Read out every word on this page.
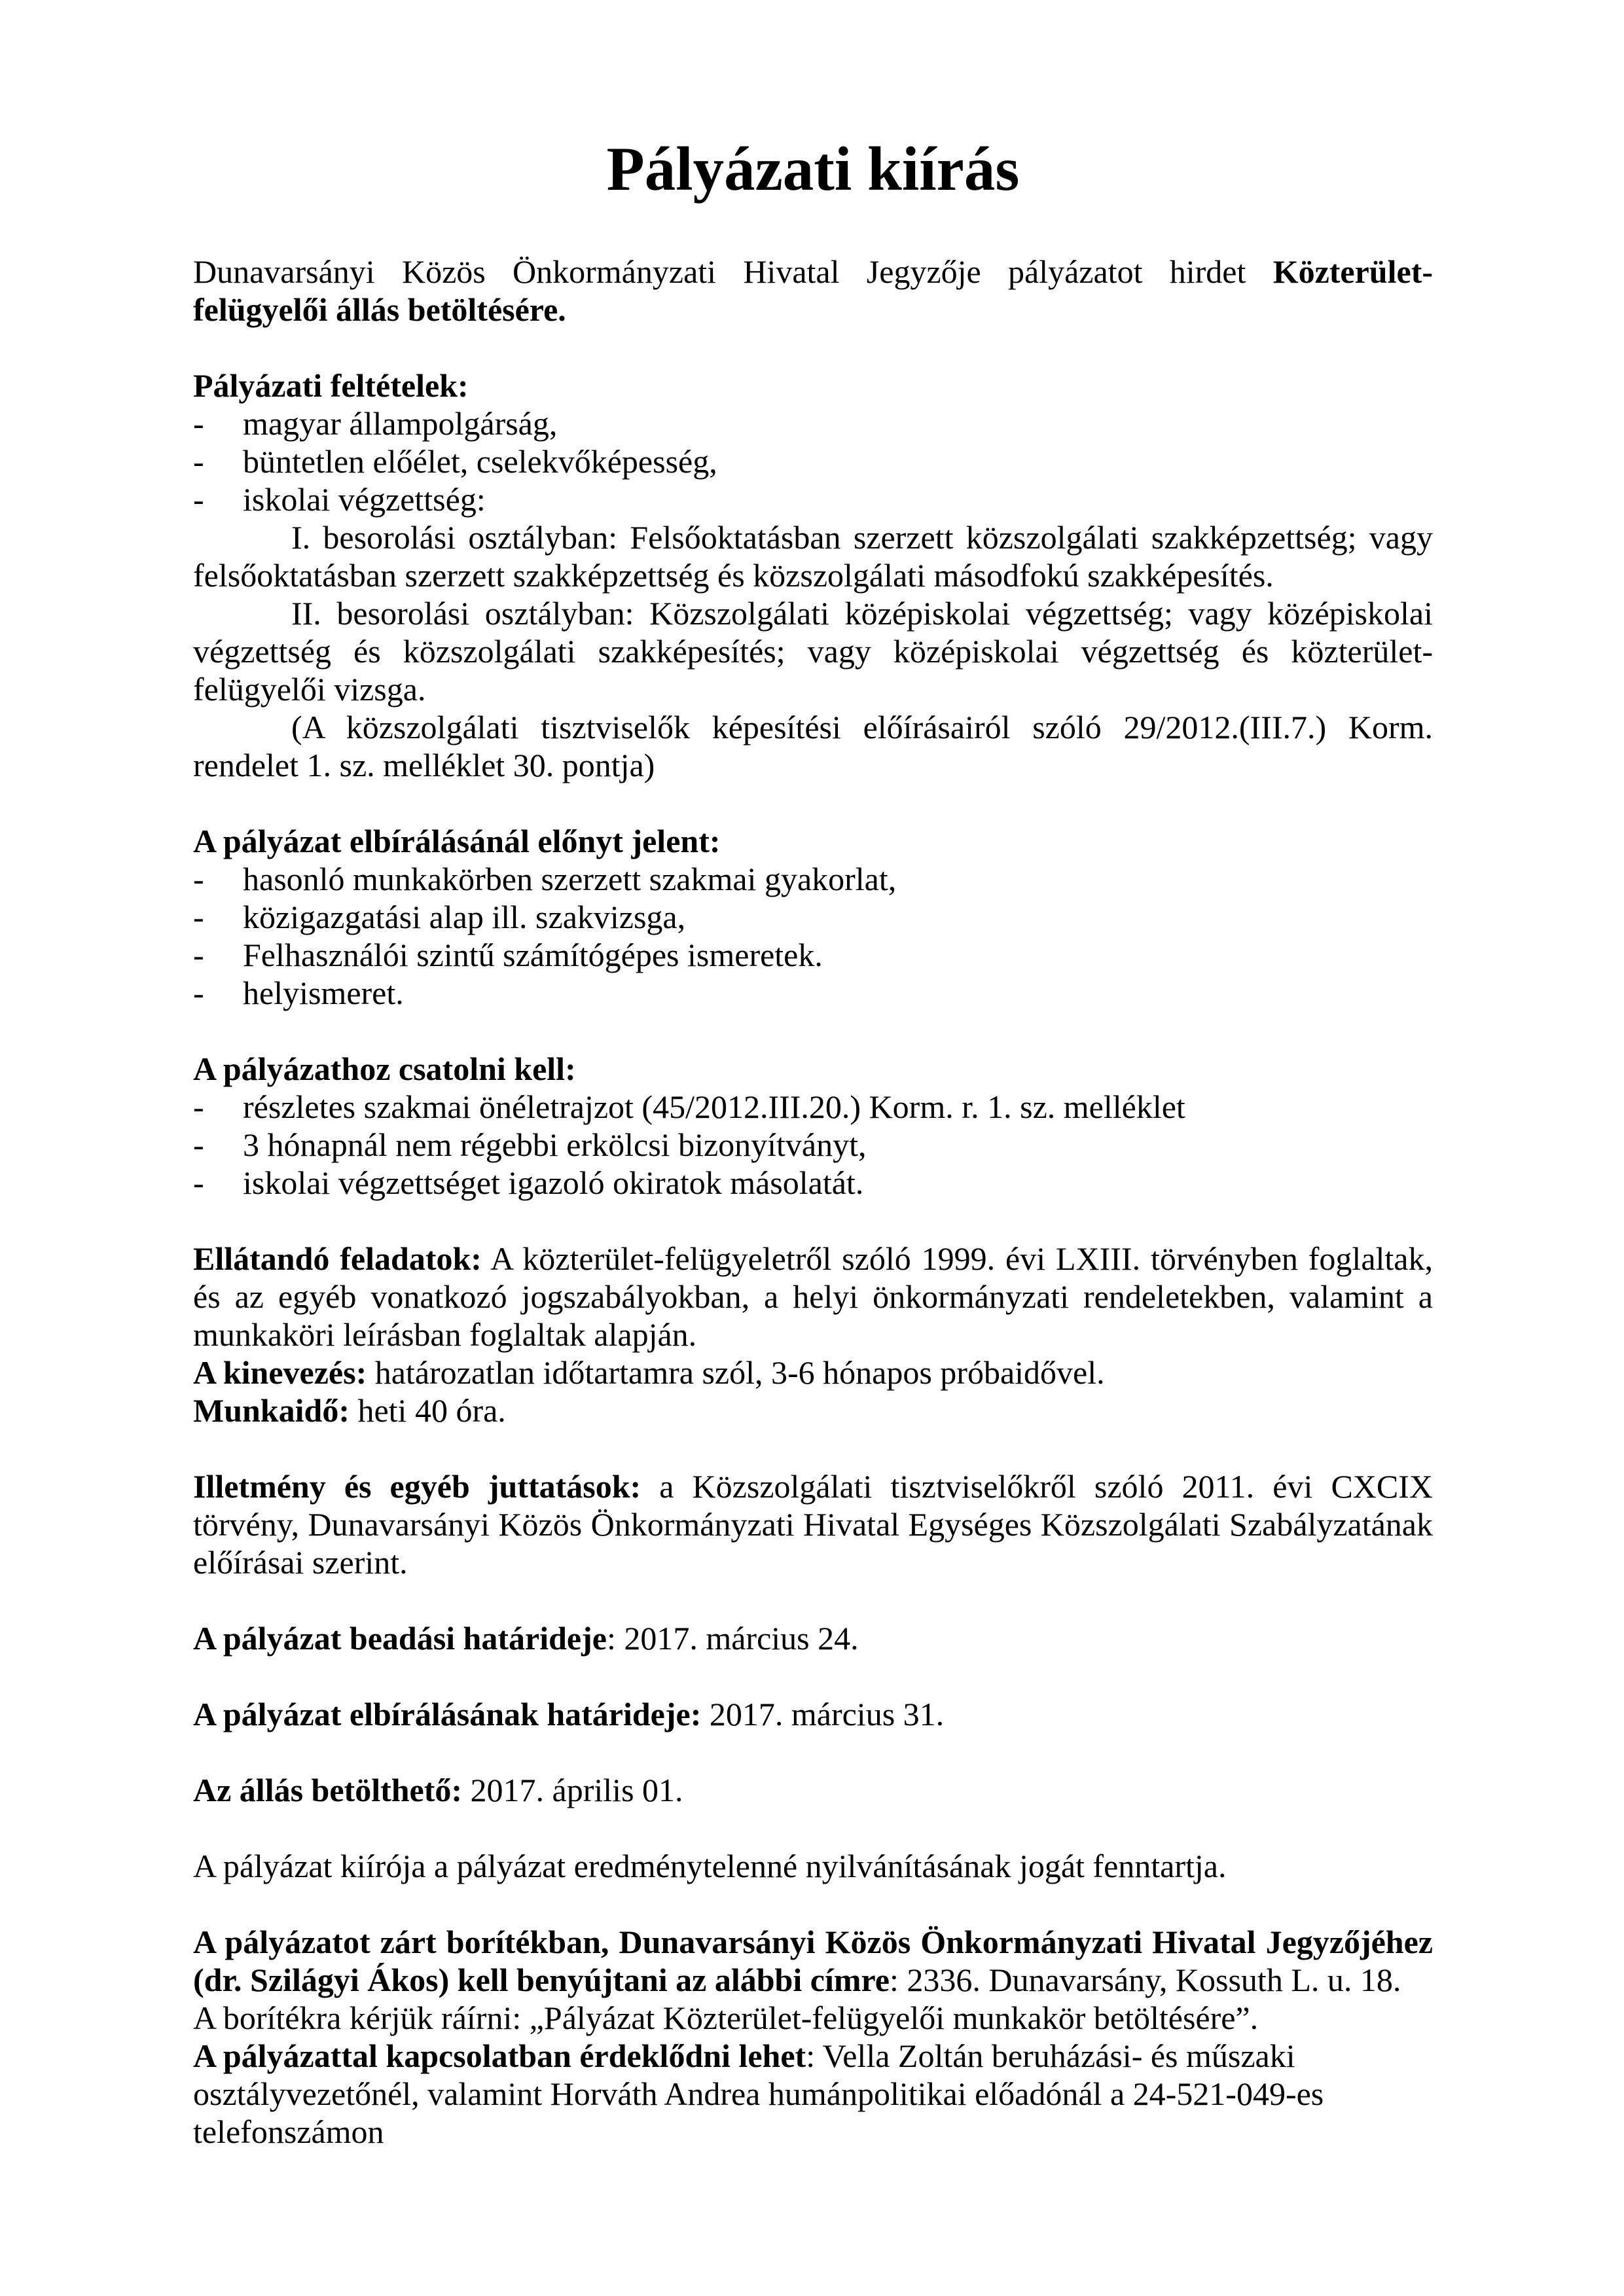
Pályázati kiírás

Dunavarsányi Közös Önkormányzati Hivatal Jegyzője pályázatot hirdet Közterület-felügyelői állás betöltésére.

Pályázati feltételek:

- magyar állampolgárság,

- büntetlen előélet, cselekvőképesség,

- iskolai végzettség:

I. besorolási osztályban: Felsőoktatásban szerzett közszolgálati szakképzettség; vagy felsőoktatásban szerzett szakképzettség és közszolgálati másodfokú szakképesítés.

II. besorolási osztályban: Közszolgálati középiskolai végzettség; vagy középiskolai végzettség és közszolgálati szakképesítés; vagy középiskolai végzettség és közterület-felügyelői vizsga.

(A közszolgálati tisztviselők képesítési előírásairól szóló 29/2012.(III.7.) Korm. rendelet 1. sz. melléklet 30. pontja)

A pályázat elbírálásánál előnyt jelent:

- hasonló munkakörben szerzett szakmai gyakorlat,

- közigazgatási alap ill. szakvizsga,

- Felhasználói szintű számítógépes ismeretek.

- helyismeret.

A pályázathoz csatolni kell:

- részletes szakmai önéletrajzot (45/2012.III.20.) Korm. r. 1. sz. melléklet

- 3 hónapnál nem régebbi erkölcsi bizonyítványt,

- iskolai végzettséget igazoló okiratok másolatát.

Ellátandó feladatok: A közterület-felügyeletről szóló 1999. évi LXIII. törvényben foglaltak, és az egyéb vonatkozó jogszabályokban, a helyi önkormányzati rendeletekben, valamint a munkaköri leírásban foglaltak alapján.

A kinevezés: határozatlan időtartamra szól, 3-6 hónapos próbaidővel.

Munkaidő: heti 40 óra.

Illetmény és egyéb juttatások: a Közszolgálati tisztviselőkről szóló 2011. évi CXCIX törvény, Dunavarsányi Közös Önkormányzati Hivatal Egységes Közszolgálati Szabályzatának előírásai szerint.

A pályázat beadási határideje: 2017. március 24.

A pályázat elbírálásának határideje: 2017. március 31.

Az állás betölthető: 2017. április 01.

A pályázat kiírója a pályázat eredménytelenné nyilvánításának jogát fenntartja.

A pályázatot zárt borítékban, Dunavarsányi Közös Önkormányzati Hivatal Jegyzőjéhez (dr. Szilágyi Ákos) kell benyújtani az alábbi címre: 2336. Dunavarsány, Kossuth L. u. 18.

A borítékra kérjük ráírni: „Pályázat Közterület-felügyelői munkakör betöltésére”.

A pályázattal kapcsolatban érdeklődni lehet: Vella Zoltán beruházási- és műszaki osztályvezetőnél, valamint Horváth Andrea humánpolitikai előadónál a 24-521-049-es telefonszámon
